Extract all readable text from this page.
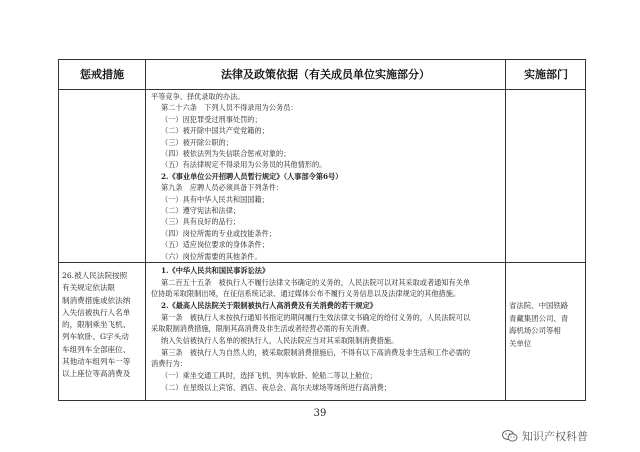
惩戒措施	法律及政策依据（有关成员单位实施部分）	实施部门
平等竞争、择优录取的办法。
第二十六条　下列人员不得录用为公务员：
（一）因犯罪受过刑事处罚的；
（二）被开除中国共产党党籍的；
（三）被开除公职的；
（四）被依法列为失信联合惩戒对象的；
（五）有法律规定不得录用为公务员的其他情形的。
2.《事业单位公开招聘人员暂行规定》（人事部令第6号）
第九条　应聘人员必须具备下列条件：
（一）具有中华人民共和国国籍；
（二）遵守宪法和法律；
（三）具有良好的品行；
（四）岗位所需的专业或技能条件；
（五）适应岗位要求的身体条件；
（六）岗位所需要的其他条件。
26.被人民法院按照
有关规定依法限
制消费措施或依法纳
入失信被执行人名单
的，限制乘坐飞机、
列车软卧、G字头动
车组列车全部座位、
其他动车组列车一等
以上座位等高消费及
1.《中华人民共和国民事诉讼法》
第二百五十五条　被执行人不履行法律文书确定的义务的，人民法院可以对其采取或者通知有关单
位协助采取限制出境，在征信系统记录、通过媒体公布不履行义务信息以及法律规定的其他措施。
2.《最高人民法院关于限制被执行人高消费及有关消费的若干规定》
第一条　被执行人未按执行通知书指定的期间履行生效法律文书确定的给付义务的，人民法院可以
采取限制消费措施，限制其高消费及非生活或者经营必需的有关消费。
纳入失信被执行人名单的被执行人，人民法院应当对其采取限制消费措施。
第三条　被执行人为自然人的，被采取限制消费措施后，不得有以下高消费及非生活和工作必需的
消费行为：
（一）乘坐交通工具时，选择飞机、列车软卧、轮船二等以上舱位；
（二）在星级以上宾馆、酒店、夜总会、高尔夫球场等场所进行高消费；
省法院、中国铁路
青藏集团公司、青
海机场公司等相
关单位
39
知识产权科普
